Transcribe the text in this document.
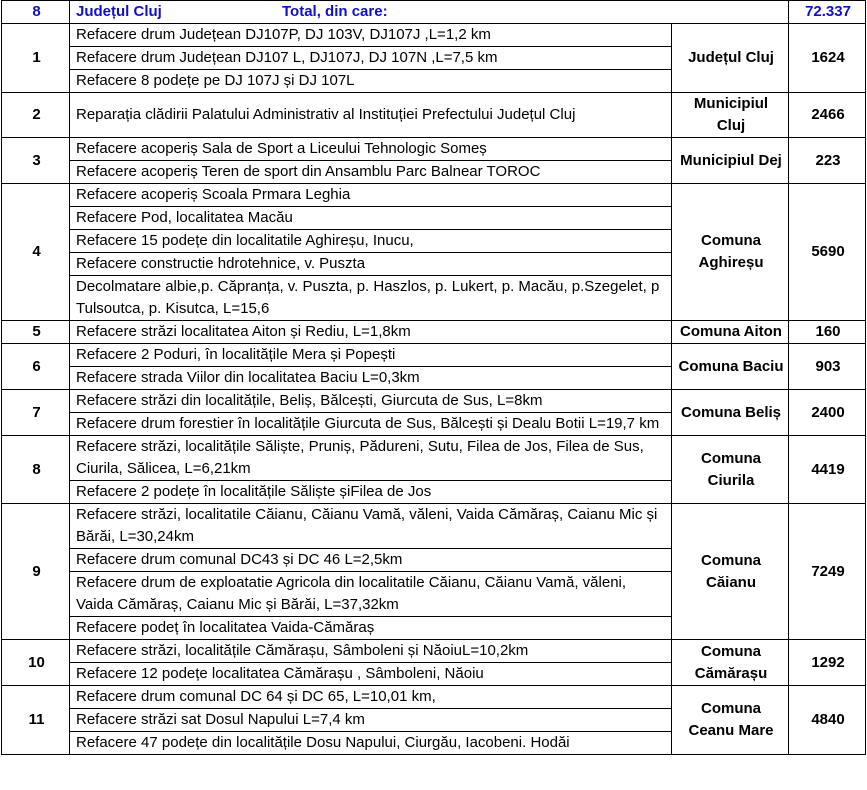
8	Județul Cluj Total, din care:		72.337
1	Refacere drum Județean DJ107P, DJ 103V, DJ107J ,L=1,2 km	Județul Cluj	1624
	Refacere drum Județean DJ107 L, DJ107J, DJ 107N ,L=7,5 km		
	Refacere 8 podețe pe DJ 107J și DJ 107L		
2	Reparația clădirii Palatului Administrativ al Instituției Prefectului Județul Cluj	Municipiul Cluj	2466
3	Refacere acoperiș Sala de Sport a Liceului Tehnologic Someș	Municipiul Dej	223
	Refacere acoperiș Teren de sport din Ansamblu Parc Balnear TOROC		
4	Refacere acoperiș Scoala Prmara Leghia	Comuna Aghireșu	5690
	Refacere Pod, localitatea Macău		
	Refacere 15 podețe din localitatile Aghireșu, Inucu,		
	Refacere constructie hdrotehnice, v. Puszta		
	Decolmatare albie,p. Căpranța, v. Puszta, p. Haszlos, p. Lukert, p. Macău, p.Szegelet, p Tulsoutca, p. Kisutca, L=15,6		
5	Refacere străzi localitatea Aiton și Rediu, L=1,8km	Comuna Aiton	160
6	Refacere 2 Poduri, în localitățile Mera și Popești	Comuna Baciu	903
	Refacere strada Viilor din localitatea Baciu L=0,3km		
7	Refacere străzi din localitățile, Beliș, Bălcești, Giurcuta de Sus, L=8km	Comuna Beliș	2400
	Refacere drum forestier în localitățile Giurcuta de Sus, Bălcești și Dealu Botii L=19,7 km		
8	Refacere străzi, localitățile Săliște, Pruniș, Pădureni, Sutu, Filea de Jos, Filea de Sus, Ciurila, Sălicea, L=6,21km	Comuna Ciurila	4419
	Refacere 2 podețe în localitățile Săliște șiFilea de Jos		
9	Refacere străzi, localitatile Căianu, Căianu Vamă, văleni, Vaida Cămăraș, Caianu Mic și Bărăi, L=30,24km	Comuna Căianu	7249
	Refacere drum comunal DC43 și DC 46 L=2,5km		
	Refacere drum de exploatatie Agricola din localitatile Căianu, Căianu Vamă, văleni, Vaida Cămăraș, Caianu Mic și Bărăi, L=37,32km		
	Refacere podeț în localitatea Vaida-Cămăraș		
10	Refacere străzi, localitățile Cămărașu, Sâmboleni și NăoiuL=10,2km	Comuna Cămărașu	1292
	Refacere 12 podețe localitatea Cămărașu , Sâmboleni, Năoiu		
11	Refacere drum comunal DC 64 și DC 65, L=10,01 km,	Comuna Ceanu Mare	4840
	Refacere străzi sat Dosul Napului L=7,4 km		
	Refacere 47 podețe din localitățile Dosu Napului, Ciurgău, Iacobeni. Hodăi		
